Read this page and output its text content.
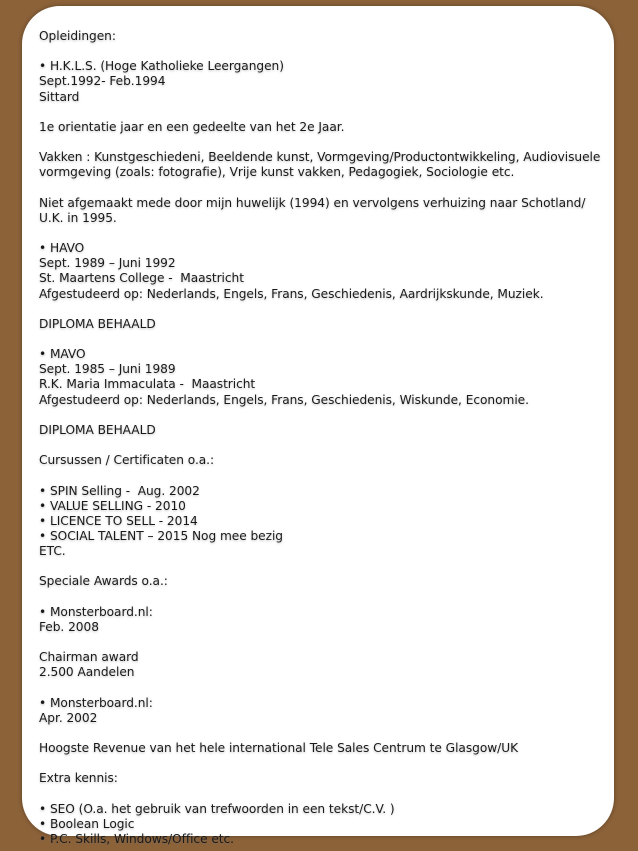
Opleidingen:
• H.K.L.S. (Hoge Katholieke Leergangen)
Sept.1992- Feb.1994
Sittard
1e orientatie jaar en een gedeelte van het 2e Jaar.
Vakken : Kunstgeschiedeni, Beeldende kunst, Vormgeving/Productontwikkeling, Audiovisuele
vormgeving (zoals: fotografie), Vrije kunst vakken, Pedagogiek, Sociologie etc.
Niet afgemaakt mede door mijn huwelijk (1994) en vervolgens verhuizing naar Schotland/
U.K. in 1995.
• HAVO
Sept. 1989 – Juni 1992
St. Maartens College -  Maastricht
Afgestudeerd op: Nederlands, Engels, Frans, Geschiedenis, Aardrijkskunde, Muziek.
DIPLOMA BEHAALD
• MAVO
Sept. 1985 – Juni 1989
R.K. Maria Immaculata -  Maastricht
Afgestudeerd op: Nederlands, Engels, Frans, Geschiedenis, Wiskunde, Economie.
DIPLOMA BEHAALD
Cursussen / Certificaten o.a.:
• SPIN Selling -  Aug. 2002
• VALUE SELLING - 2010
• LICENCE TO SELL - 2014
• SOCIAL TALENT – 2015 Nog mee bezig
ETC.
Speciale Awards o.a.:
• Monsterboard.nl:
Feb. 2008
Chairman award
2.500 Aandelen
• Monsterboard.nl:
Apr. 2002
Hoogste Revenue van het hele international Tele Sales Centrum te Glasgow/UK
Extra kennis:
• SEO (O.a. het gebruik van trefwoorden in een tekst/C.V. )
• Boolean Logic
• P.C. Skills, Windows/Office etc.
